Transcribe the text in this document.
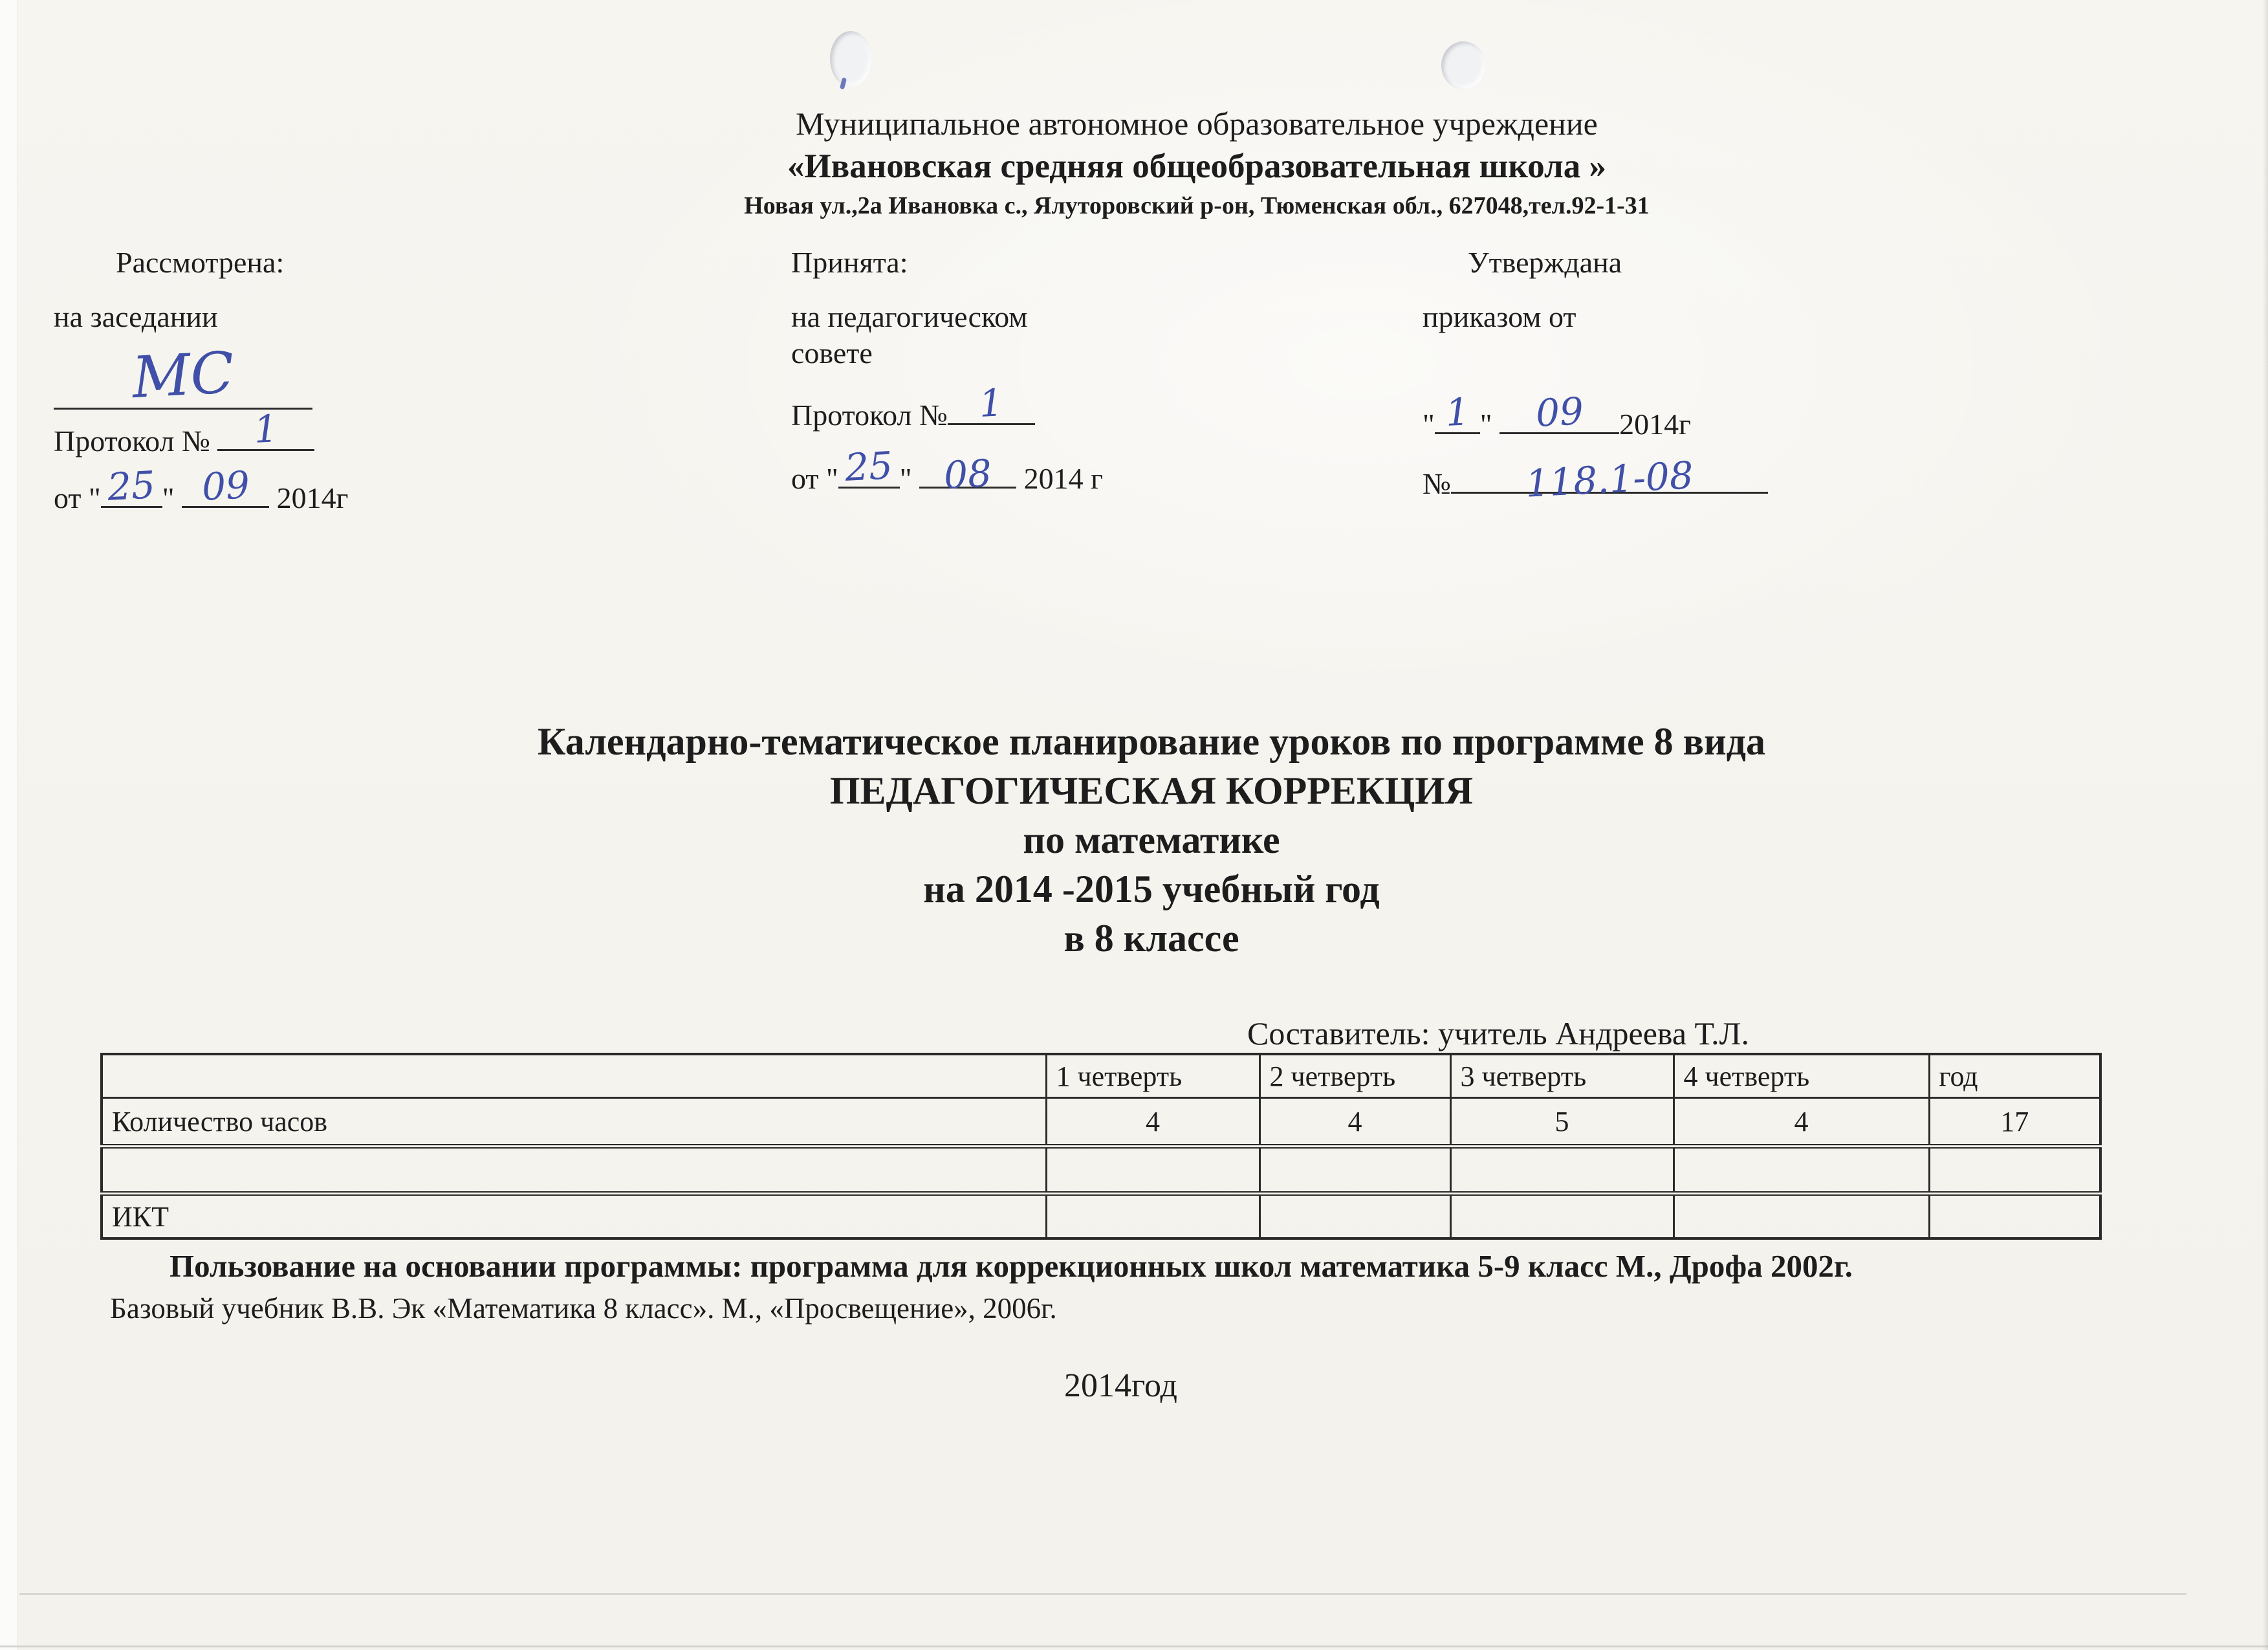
Муниципальное автономное образовательное учреждение
«Ивановская средняя общеобразовательная школа »
Новая ул.,2а Ивановка с., Ялуторовский р-он, Тюменская обл., 627048,тел.92-1-31
Рассмотрена:
на заседании
МС
Протокол № 1
от " 25 " 09 2014г
Принята:
на педагогическом
совете
Протокол № 1
от " 25 " 08 2014 г
Утверждана
приказом от
" 1 " 09 2014г
№ 118.1-08
Календарно-тематическое планирование уроков по программе 8 вида
ПЕДАГОГИЧЕСКАЯ КОРРЕКЦИЯ
по математике
на 2014 -2015 учебный год
в 8 классе
Составитель: учитель Андреева Т.Л.
	1 четверть	2 четверть	3 четверть	4 четверть	год
Количество часов	4	4	5	4	17

ИКТ					
Пользование на основании программы: программа для коррекционных школ математика 5-9 класс М., Дрофа 2002г.
Базовый учебник В.В. Эк «Математика 8 класс». М., «Просвещение», 2006г.
2014год
